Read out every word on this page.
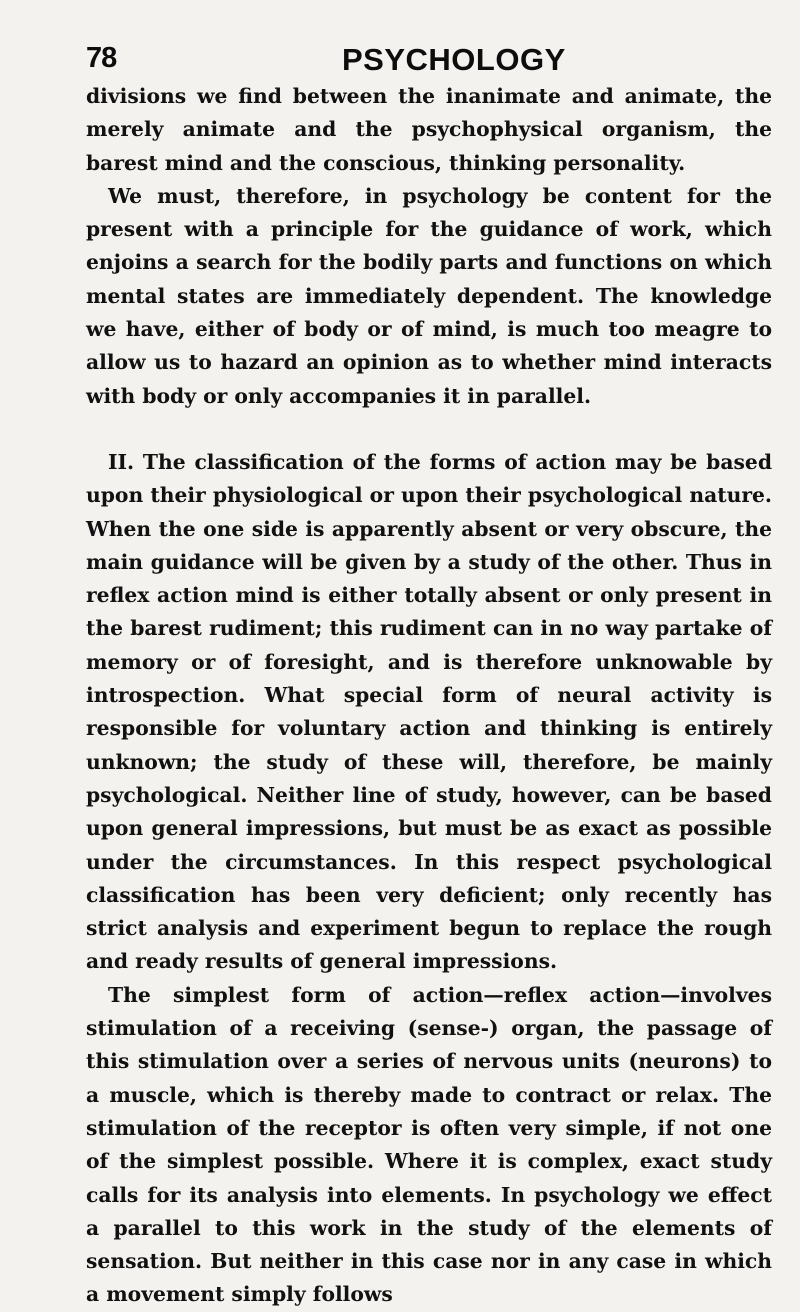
78	PSYCHOLOGY

divisions we find between the inanimate and animate, the merely animate and the psychophysical organism, the barest mind and the conscious, thinking personality.

We must, therefore, in psychology be content for the present with a principle for the guidance of work, which enjoins a search for the bodily parts and functions on which mental states are immediately dependent. The knowledge we have, either of body or of mind, is much too meagre to allow us to hazard an opinion as to whether mind interacts with body or only accompanies it in parallel.

II. The classification of the forms of action may be based upon their physiological or upon their psychological nature. When the one side is apparently absent or very obscure, the main guidance will be given by a study of the other. Thus in reflex action mind is either totally absent or only present in the barest rudiment; this rudiment can in no way partake of memory or of foresight, and is therefore unknowable by introspection. What special form of neural activity is responsible for voluntary action and thinking is entirely unknown; the study of these will, therefore, be mainly psychological. Neither line of study, however, can be based upon general impressions, but must be as exact as possible under the circumstances. In this respect psychological classification has been very deficient; only recently has strict analysis and experiment begun to replace the rough and ready results of general impressions.

The simplest form of action—reflex action—involves stimulation of a receiving (sense-) organ, the passage of this stimulation over a series of nervous units (neurons) to a muscle, which is thereby made to contract or relax. The stimulation of the receptor is often very simple, if not one of the simplest possible. Where it is complex, exact study calls for its analysis into elements. In psychology we effect a parallel to this work in the study of the elements of sensation. But neither in this case nor in any case in which a movement simply follows
